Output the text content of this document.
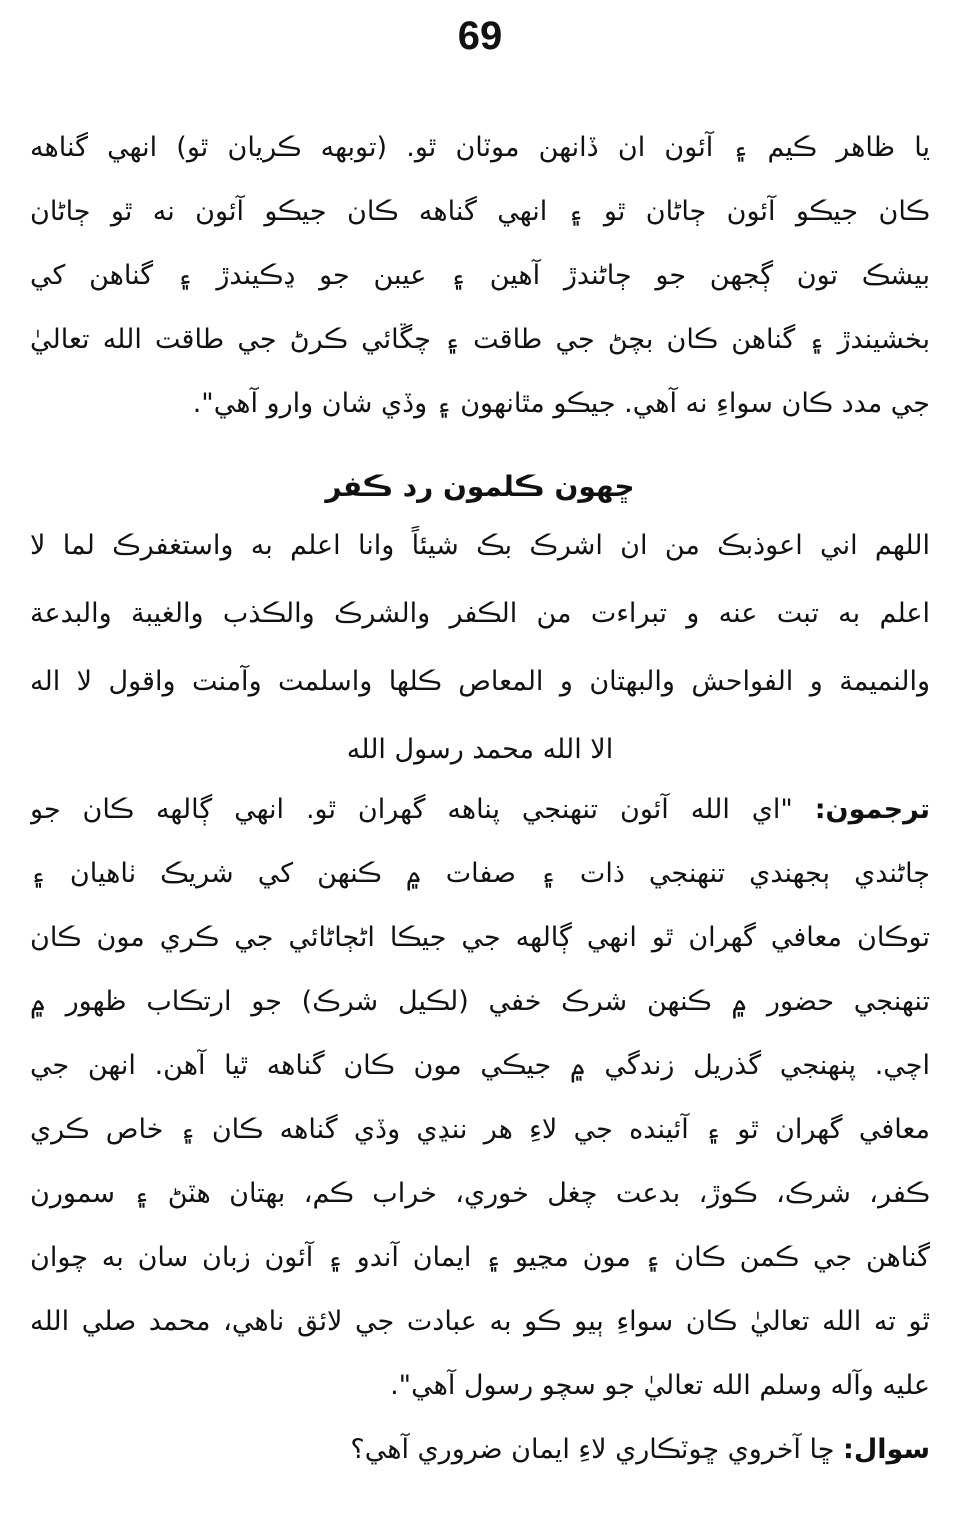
69
يا ظاهر ڪيم ۽ آئون ان ڏانهن موٽان ٿو. (توبهه ڪريان ٿو) انهي گناهه
ڪان جيڪو آئون ڄاڻان ٿو ۽ انهي گناهه ڪان جيڪو آئون نه ٿو ڄاڻان
بيشڪ تون ڳجهن جو ڄاڻندڙ آهين ۽ عيبن جو ڍڪيندڙ ۽ گناهن کي
بخشيندڙ ۽ گناهن ڪان بچڻ جي طاقت ۽ چڱائي ڪرڻ جي طاقت الله تعاليٰ
جي مدد ڪان سواءِ نه آهي. جيڪو مٿانهون ۽ وڏي شان وارو آهي".
ڇهون ڪلمون رد ڪفر
اللهم اني اعوذبڪ من ان اشرڪ بڪ شيئاً وانا اعلم به واستغفرڪ لما لا
اعلم به تبت عنه و تبراءت من الڪفر والشرڪ والڪذب والغيبة والبدعة
والنميمة و الفواحش والبهتان و المعاص ڪلها واسلمت وآمنت واقول لا اله
الا الله محمد رسول الله
ترجمون: "اي الله آئون تنهنجي پناهه گهران ٿو. انهي ڳالهه ڪان جو
ڄاڻندي ٻجهندي تنهنجي ذات ۽ صفات ۾ ڪنهن کي شريڪ ٺاهيان ۽
توڪان معافي گهران ٿو انهي ڳالهه جي جيڪا اڻڄاڻائي جي ڪري مون ڪان
تنهنجي حضور ۾ ڪنهن شرڪ خفي (لڪيل شرڪ) جو ارتڪاب ظهور ۾
اچي. پنهنجي گذريل زندگي ۾ جيڪي مون ڪان گناهه ٿيا آهن. انهن جي
معافي گهران ٿو ۽ آئينده جي لاءِ هر ننڍي وڏي گناهه ڪان ۽ خاص ڪري
ڪفر، شرڪ، ڪوڙ، بدعت چغل خوري، خراب ڪم، بهتان هٽڻ ۽ سمورن
گناهن جي ڪمن ڪان ۽ مون مڃيو ۽ ايمان آندو ۽ آئون زبان سان به چوان
ٿو ته الله تعاليٰ ڪان سواءِ ٻيو ڪو به عبادت جي لائق ناهي، محمد صلي الله
عليه وآله وسلم الله تعاليٰ جو سچو رسول آهي".
سوال: ڇا آخروي ڇوٽڪاري لاءِ ايمان ضروري آهي؟
